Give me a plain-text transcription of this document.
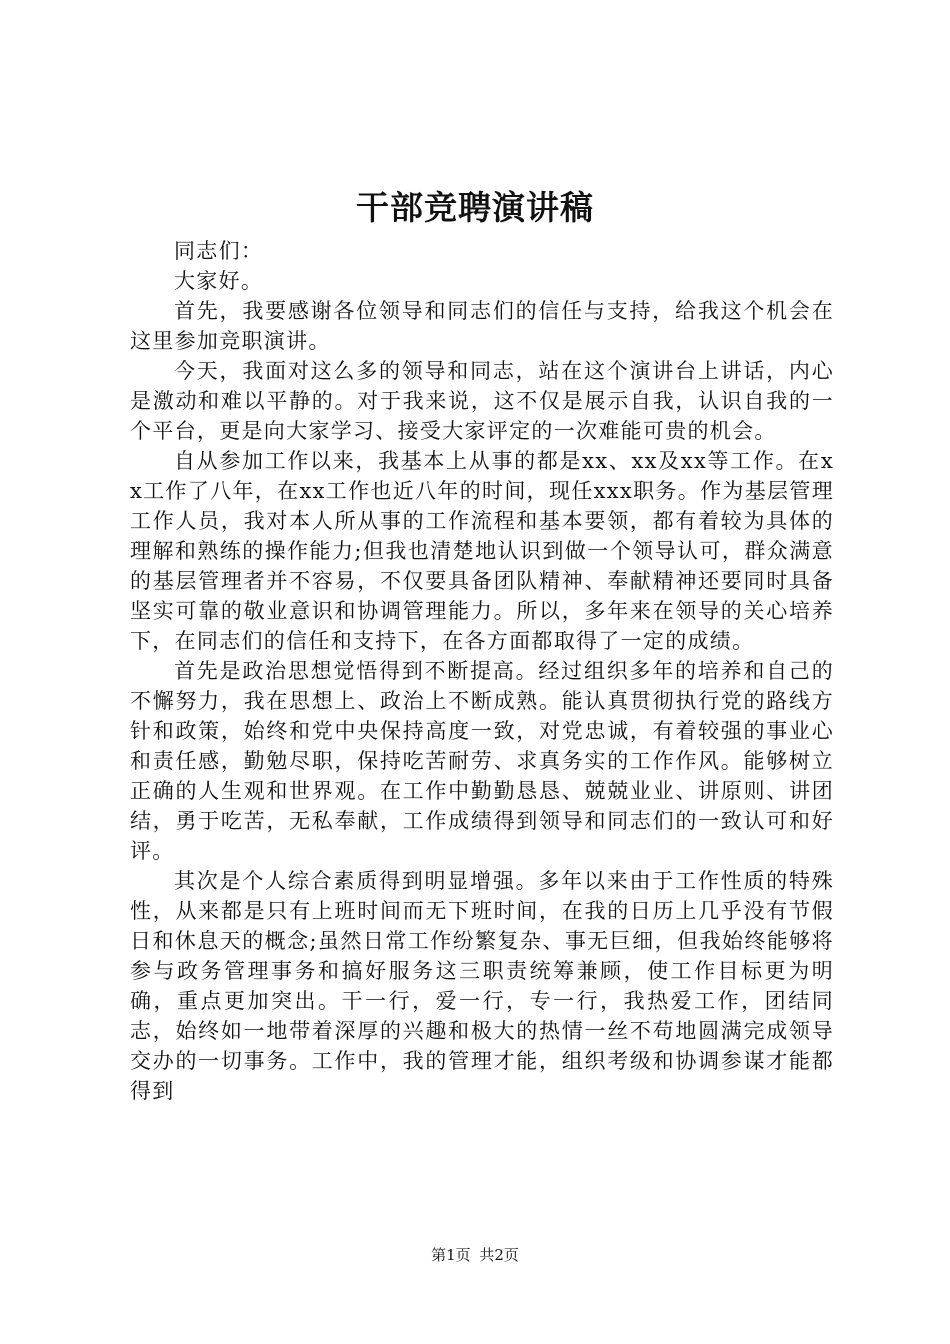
干部竞聘演讲稿

同志们：

大家好。

首先，我要感谢各位领导和同志们的信任与支持，给我这个机会在这里参加竞职演讲。

今天，我面对这么多的领导和同志，站在这个演讲台上讲话，内心是激动和难以平静的。对于我来说，这不仅是展示自我，认识自我的一个平台，更是向大家学习、接受大家评定的一次难能可贵的机会。

自从参加工作以来，我基本上从事的都是xx、xx及xx等工作。在xx工作了八年，在xx工作也近八年的时间，现任xxx职务。作为基层管理工作人员，我对本人所从事的工作流程和基本要领，都有着较为具体的理解和熟练的操作能力;但我也清楚地认识到做一个领导认可，群众满意的基层管理者并不容易，不仅要具备团队精神、奉献精神还要同时具备坚实可靠的敬业意识和协调管理能力。所以，多年来在领导的关心培养下，在同志们的信任和支持下，在各方面都取得了一定的成绩。

首先是政治思想觉悟得到不断提高。经过组织多年的培养和自己的不懈努力，我在思想上、政治上不断成熟。能认真贯彻执行党的路线方针和政策，始终和党中央保持高度一致，对党忠诚，有着较强的事业心和责任感，勤勉尽职，保持吃苦耐劳、求真务实的工作作风。能够树立正确的人生观和世界观。在工作中勤勤恳恳、兢兢业业、讲原则、讲团结，勇于吃苦，无私奉献，工作成绩得到领导和同志们的一致认可和好评。

其次是个人综合素质得到明显增强。多年以来由于工作性质的特殊性，从来都是只有上班时间而无下班时间，在我的日历上几乎没有节假日和休息天的概念;虽然日常工作纷繁复杂、事无巨细，但我始终能够将参与政务管理事务和搞好服务这三职责统筹兼顾，使工作目标更为明确，重点更加突出。干一行，爱一行，专一行，我热爱工作，团结同志，始终如一地带着深厚的兴趣和极大的热情一丝不苟地圆满完成领导交办的一切事务。工作中，我的管理才能，组织考级和协调参谋才能都得到

第1页 共2页
